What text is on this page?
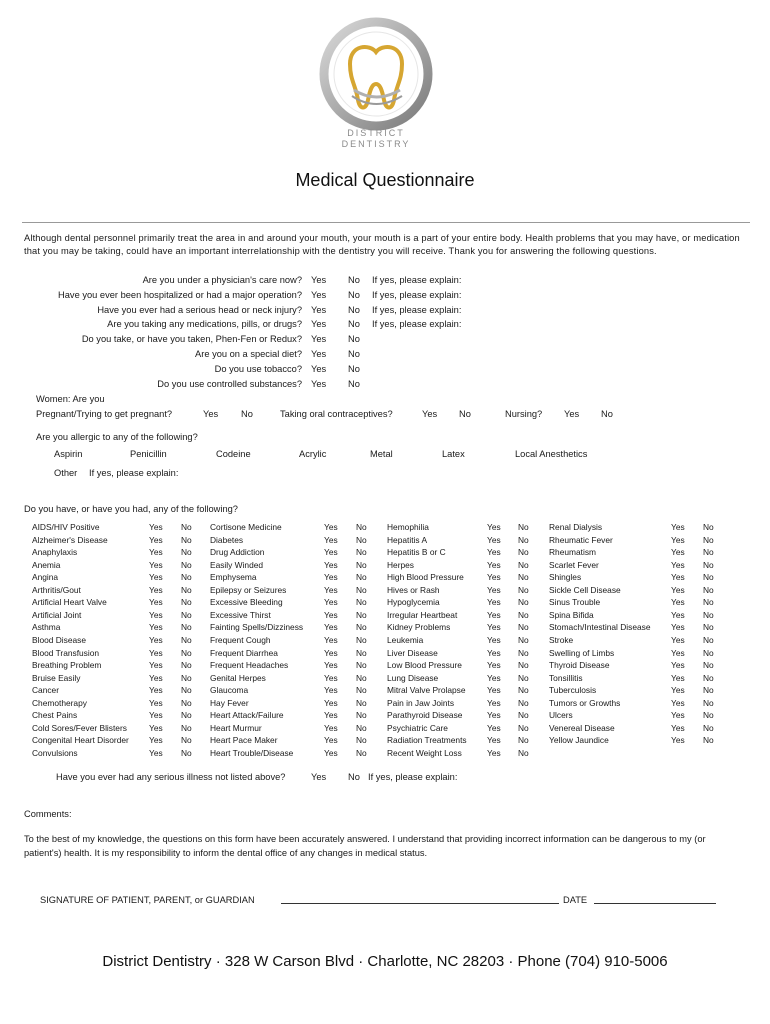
DISTRICT
DENTISTRY
Medical Questionnaire
Although dental personnel primarily treat the area in and around your mouth, your mouth is a part of your entire body. Health problems that you may have, or medication that you may be taking, could have an important interrelationship with the dentistry you will receive. Thank you for answering the following questions.
Are you under a physician's care now? Yes No If yes, please explain:
Have you ever been hospitalized or had a major operation? Yes No If yes, please explain:
Have you ever had a serious head or neck injury? Yes No If yes, please explain:
Are you taking any medications, pills, or drugs? Yes No If yes, please explain:
Do you take, or have you taken, Phen-Fen or Redux? Yes No
Are you on a special diet? Yes No
Do you use tobacco? Yes No
Do you use controlled substances? Yes No
Women: Are you
Pregnant/Trying to get pregnant?	Yes No	Taking oral contraceptives?	Yes No	Nursing? Yes No
Are you allergic to any of the following?
Aspirin	Penicillin	Codeine	Acrylic	Metal	Latex	Local Anesthetics
Other If yes, please explain:
Do you have, or have you had, any of the following?
AIDS/HIV Positive	Yes No
Alzheimer's Disease	Yes No
Anaphylaxis	Yes No
Anemia	Yes No
Angina	Yes No
Arthritis/Gout	Yes No
Artificial Heart Valve	Yes No
Artificial Joint	Yes No
Asthma	Yes No
Blood Disease	Yes No
Blood Transfusion	Yes No
Breathing Problem	Yes No
Bruise Easily	Yes No
Cancer	Yes No
Chemotherapy	Yes No
Chest Pains	Yes No
Cold Sores/Fever Blisters	Yes No
Congenital Heart Disorder Yes No
Convulsions	Yes No
Cortisone Medicine	Yes No
Diabetes	Yes No
Drug Addiction	Yes No
Easily Winded	Yes No
Emphysema	Yes No
Epilepsy or Seizures	Yes No
Excessive Bleeding	Yes No
Excessive Thirst	Yes No
Fainting Spells/Dizziness Yes No
Frequent Cough	Yes No
Frequent Diarrhea	Yes No
Frequent Headaches	Yes No
Genital Herpes	Yes No
Glaucoma	Yes No
Hay Fever	Yes No
Heart Attack/Failure	Yes No
Heart Murmur	Yes No
Heart Pace Maker	Yes No
Heart Trouble/Disease	Yes No
Hemophilia	Yes No
Hepatitis A	Yes No
Hepatitis B or C	Yes No
Herpes	Yes No
High Blood Pressure	Yes No
Hives or Rash	Yes No
Hypoglycemia	Yes No
Irregular Heartbeat	Yes No
Kidney Problems	Yes No
Leukemia	Yes No
Liver Disease	Yes No
Low Blood Pressure	Yes No
Lung Disease	Yes No
Mitral Valve Prolapse	Yes No
Pain in Jaw Joints	Yes No
Parathyroid Disease	Yes No
Psychiatric Care	Yes No
Radiation Treatments Yes No
Recent Weight Loss	Yes No
Renal Dialysis	Yes No
Rheumatic Fever	Yes No
Rheumatism	Yes No
Scarlet Fever	Yes No
Shingles	Yes No
Sickle Cell Disease	Yes No
Sinus Trouble	Yes No
Spina Bifida	Yes No
Stomach/Intestinal Disease Yes No
Stroke	Yes No
Swelling of Limbs	Yes No
Thyroid Disease	Yes No
Tonsillitis	Yes No
Tuberculosis	Yes No
Tumors or Growths	Yes No
Ulcers	Yes No
Venereal Disease	Yes No
Yellow Jaundice	Yes No
Have you ever had any serious illness not listed above?	Yes No If yes, please explain:
Comments:
To the best of my knowledge, the questions on this form have been accurately answered. I understand that providing incorrect information can be dangerous to my (or patient's) health. It is my responsibility to inform the dental office of any changes in medical status.
SIGNATURE OF PATIENT, PARENT, or GUARDIAN	DATE
District Dentistry · 328 W Carson Blvd · Charlotte, NC 28203 · Phone (704) 910-5006
